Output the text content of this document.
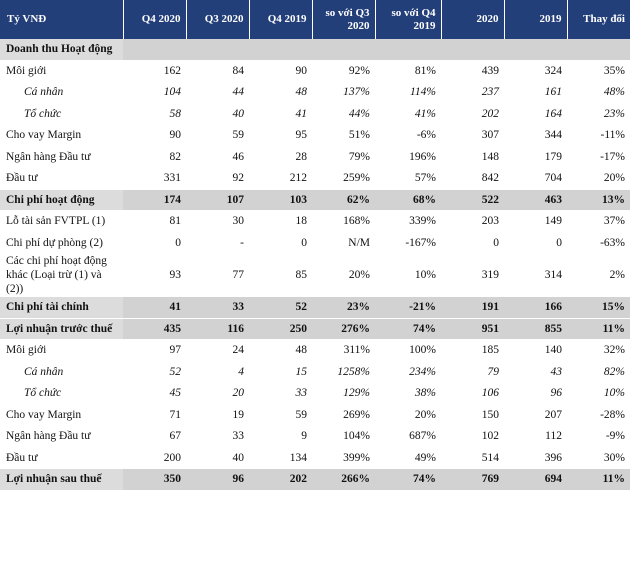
Tỷ VNĐ	Q4 2020	Q3 2020	Q4 2019	so với Q3 2020	so với Q4 2019	2020	2019	Thay đổi
Doanh thu Hoạt động								
Môi giới	162	84	90	92%	81%	439	324	35%
Cá nhân	104	44	48	137%	114%	237	161	48%
Tổ chức	58	40	41	44%	41%	202	164	23%
Cho vay Margin	90	59	95	51%	-6%	307	344	-11%
Ngân hàng Đầu tư	82	46	28	79%	196%	148	179	-17%
Đầu tư	331	92	212	259%	57%	842	704	20%
Chi phí hoạt động	174	107	103	62%	68%	522	463	13%
Lỗ tài sản FVTPL (1)	81	30	18	168%	339%	203	149	37%
Chi phí dự phòng (2)	0	-	0	N/M	-167%	0	0	-63%
Các chi phí hoạt động khác (Loại trừ (1) và (2))	93	77	85	20%	10%	319	314	2%
Chi phí tài chính	41	33	52	23%	-21%	191	166	15%
Lợi nhuận trước thuế	435	116	250	276%	74%	951	855	11%
Môi giới	97	24	48	311%	100%	185	140	32%
Cá nhân	52	4	15	1258%	234%	79	43	82%
Tổ chức	45	20	33	129%	38%	106	96	10%
Cho vay Margin	71	19	59	269%	20%	150	207	-28%
Ngân hàng Đầu tư	67	33	9	104%	687%	102	112	-9%
Đầu tư	200	40	134	399%	49%	514	396	30%
Lợi nhuận sau thuế	350	96	202	266%	74%	769	694	11%
